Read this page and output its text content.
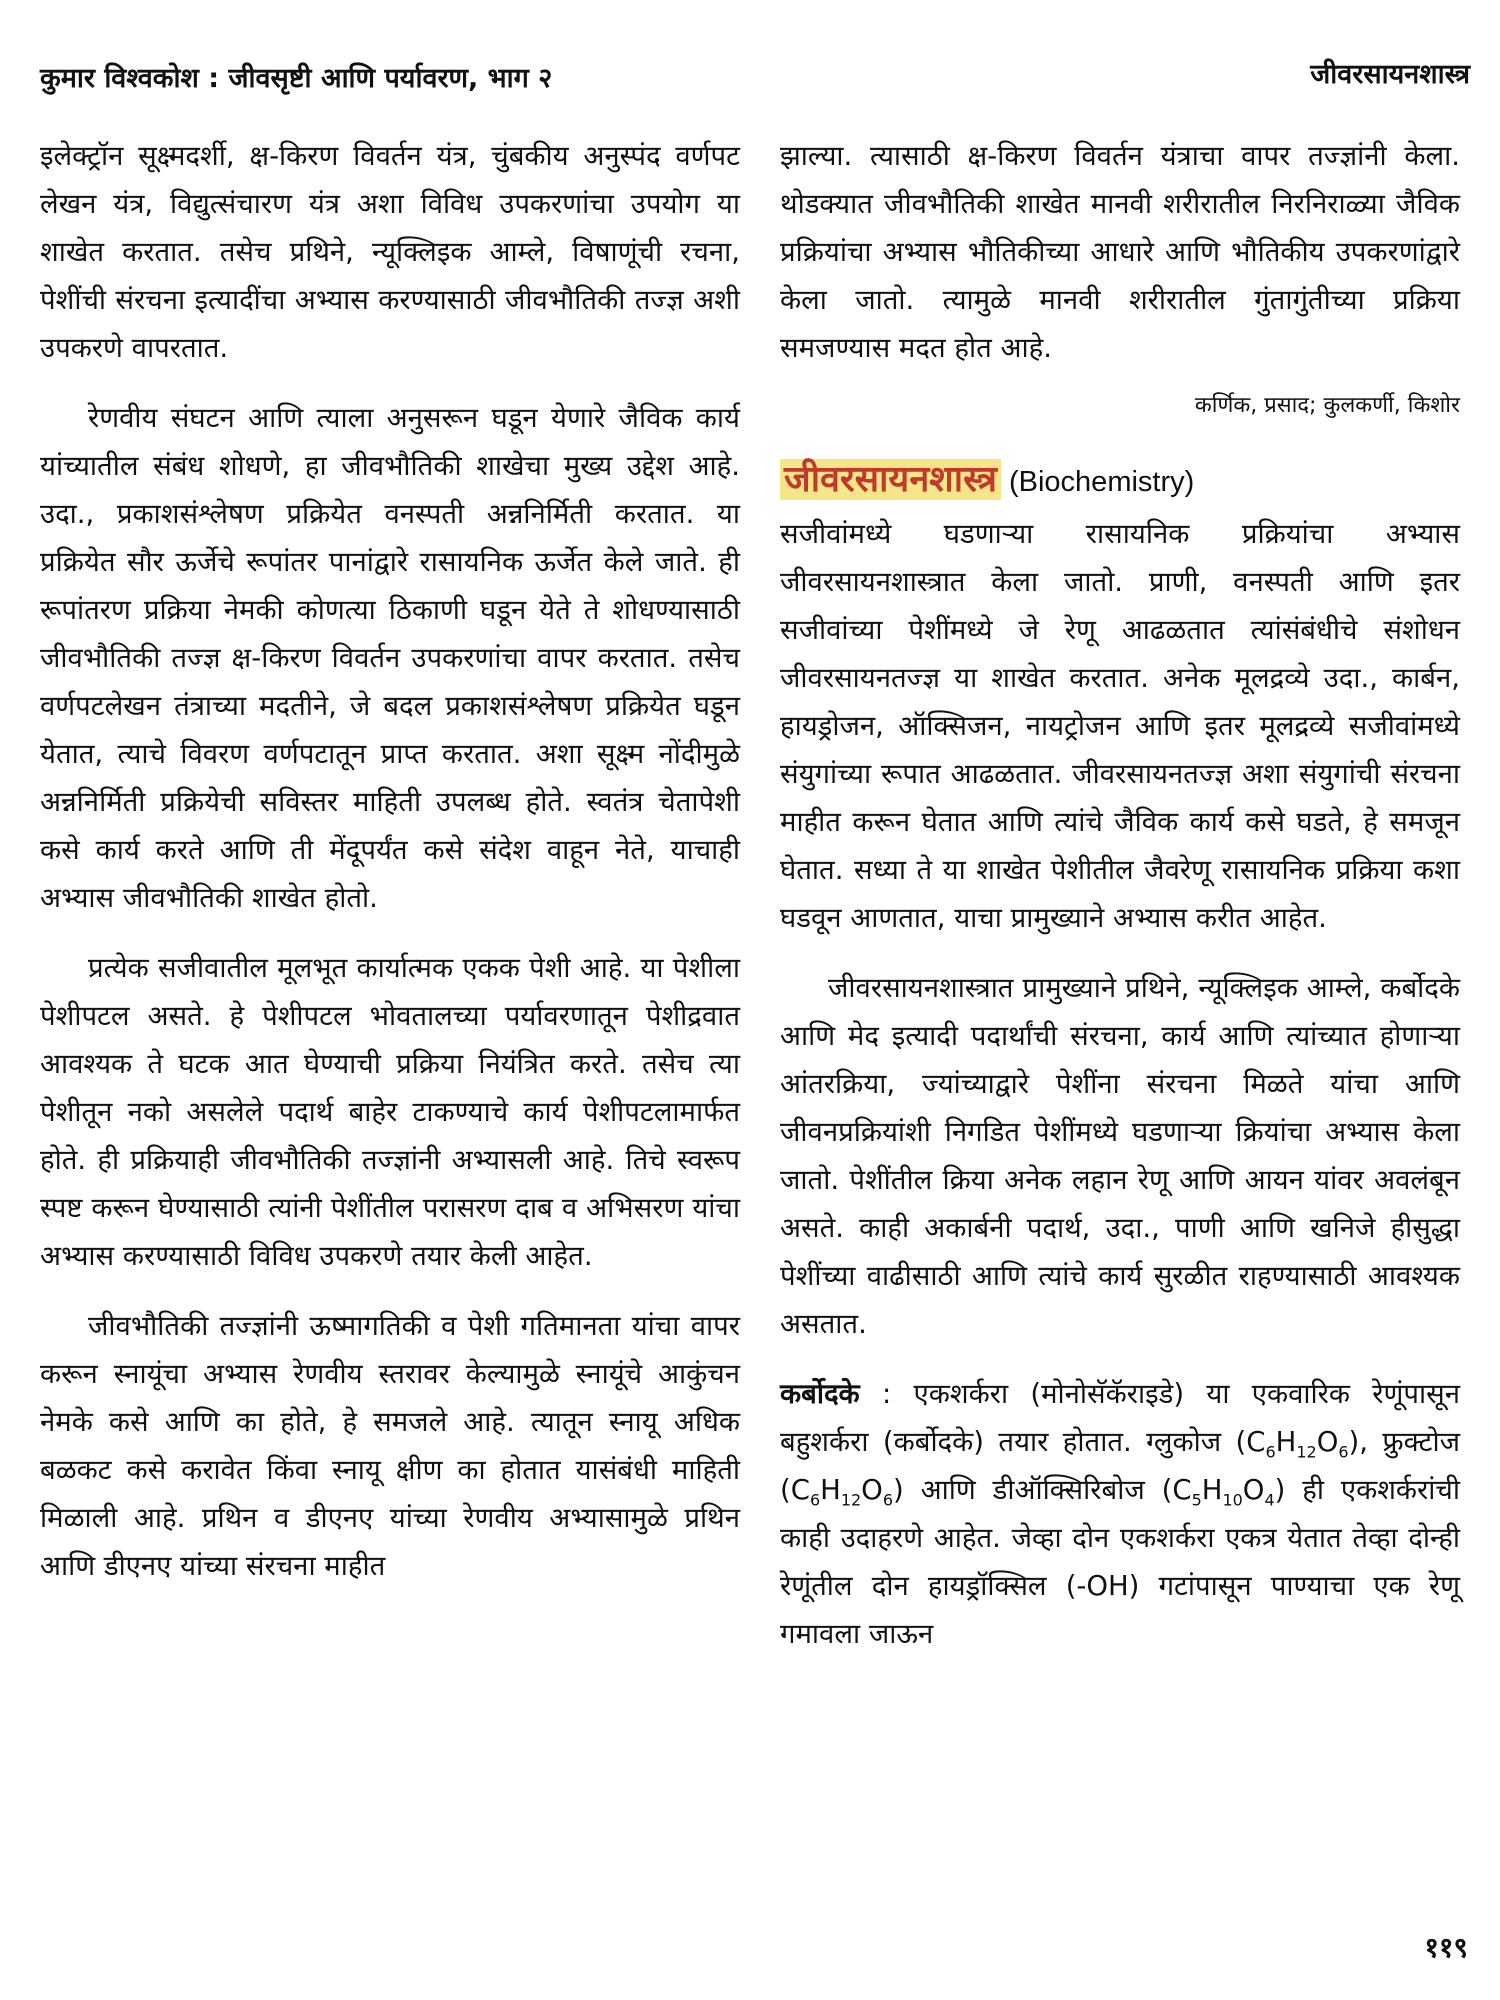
कुमार विश्वकोश : जीवसृष्टी आणि पर्यावरण, भाग २	जीवरसायनशास्त्र

इलेक्ट्रॉन सूक्ष्मदर्शी, क्ष-किरण विवर्तन यंत्र, चुंबकीय अनुस्पंद वर्णपट लेखन यंत्र, विद्युत्संचारण यंत्र अशा विविध उपकरणांचा उपयोग या शाखेत करतात. तसेच प्रथिने, न्यूक्लिइक आम्ले, विषाणूंची रचना, पेशींची संरचना इत्यादींचा अभ्यास करण्यासाठी जीवभौतिकी तज्ज्ञ अशी उपकरणे वापरतात.

रेणवीय संघटन आणि त्याला अनुसरून घडून येणारे जैविक कार्य यांच्यातील संबंध शोधणे, हा जीवभौतिकी शाखेचा मुख्य उद्देश आहे. उदा., प्रकाशसंश्लेषण प्रक्रियेत वनस्पती अन्ननिर्मिती करतात. या प्रक्रियेत सौर ऊर्जेचे रूपांतर पानांद्वारे रासायनिक ऊर्जेत केले जाते. ही रूपांतरण प्रक्रिया नेमकी कोणत्या ठिकाणी घडून येते ते शोधण्यासाठी जीवभौतिकी तज्ज्ञ क्ष-किरण विवर्तन उपकरणांचा वापर करतात. तसेच वर्णपटलेखन तंत्राच्या मदतीने, जे बदल प्रकाशसंश्लेषण प्रक्रियेत घडून येतात, त्याचे विवरण वर्णपटातून प्राप्त करतात. अशा सूक्ष्म नोंदीमुळे अन्ननिर्मिती प्रक्रियेची सविस्तर माहिती उपलब्ध होते. स्वतंत्र चेतापेशी कसे कार्य करते आणि ती मेंदूपर्यंत कसे संदेश वाहून नेते, याचाही अभ्यास जीवभौतिकी शाखेत होतो.

प्रत्येक सजीवातील मूलभूत कार्यात्मक एकक पेशी आहे. या पेशीला पेशीपटल असते. हे पेशीपटल भोवतालच्या पर्यावरणातून पेशीद्रवात आवश्यक ते घटक आत घेण्याची प्रक्रिया नियंत्रित करते. तसेच त्या पेशीतून नको असलेले पदार्थ बाहेर टाकण्याचे कार्य पेशीपटलामार्फत होते. ही प्रक्रियाही जीवभौतिकी तज्ज्ञांनी अभ्यासली आहे. तिचे स्वरूप स्पष्ट करून घेण्यासाठी त्यांनी पेशींतील परासरण दाब व अभिसरण यांचा अभ्यास करण्यासाठी विविध उपकरणे तयार केली आहेत.

जीवभौतिकी तज्ज्ञांनी ऊष्मागतिकी व पेशी गतिमानता यांचा वापर करून स्नायूंचा अभ्यास रेणवीय स्तरावर केल्यामुळे स्नायूंचे आकुंचन नेमके कसे आणि का होते, हे समजले आहे. त्यातून स्नायू अधिक बळकट कसे करावेत किंवा स्नायू क्षीण का होतात यासंबंधी माहिती मिळाली आहे. प्रथिन व डीएनए यांच्या रेणवीय अभ्यासामुळे प्रथिन आणि डीएनए यांच्या संरचना माहीत

झाल्या. त्यासाठी क्ष-किरण विवर्तन यंत्राचा वापर तज्ज्ञांनी केला. थोडक्यात जीवभौतिकी शाखेत मानवी शरीरातील निरनिराळ्या जैविक प्रक्रियांचा अभ्यास भौतिकीच्या आधारे आणि भौतिकीय उपकरणांद्वारे केला जातो. त्यामुळे मानवी शरीरातील गुंतागुंतीच्या प्रक्रिया समजण्यास मदत होत आहे.

कर्णिक, प्रसाद; कुलकर्णी, किशोर
जीवरसायनशास्त्र (Biochemistry)

सजीवांमध्ये घडणाऱ्या रासायनिक प्रक्रियांचा अभ्यास जीवरसायनशास्त्रात केला जातो. प्राणी, वनस्पती आणि इतर सजीवांच्या पेशींमध्ये जे रेणू आढळतात त्यांसंबंधीचे संशोधन जीवरसायनतज्ज्ञ या शाखेत करतात. अनेक मूलद्रव्ये उदा., कार्बन, हायड्रोजन, ऑक्सिजन, नायट्रोजन आणि इतर मूलद्रव्ये सजीवांमध्ये संयुगांच्या रूपात आढळतात. जीवरसायनतज्ज्ञ अशा संयुगांची संरचना माहीत करून घेतात आणि त्यांचे जैविक कार्य कसे घडते, हे समजून घेतात. सध्या ते या शाखेत पेशीतील जैवरेणू रासायनिक प्रक्रिया कशा घडवून आणतात, याचा प्रामुख्याने अभ्यास करीत आहेत.

जीवरसायनशास्त्रात प्रामुख्याने प्रथिने, न्यूक्लिइक आम्ले, कर्बोदके आणि मेद इत्यादी पदार्थांची संरचना, कार्य आणि त्यांच्यात होणाऱ्या आंतरक्रिया, ज्यांच्याद्वारे पेशींना संरचना मिळते यांचा आणि जीवनप्रक्रियांशी निगडित पेशींमध्ये घडणाऱ्या क्रियांचा अभ्यास केला जातो. पेशींतील क्रिया अनेक लहान रेणू आणि आयन यांवर अवलंबून असते. काही अकार्बनी पदार्थ, उदा., पाणी आणि खनिजे हीसुद्धा पेशींच्या वाढीसाठी आणि त्यांचे कार्य सुरळीत राहण्यासाठी आवश्यक असतात.

कर्बोदके : एकशर्करा (मोनोसॅकॅराइडे) या एकवारिक रेणूंपासून बहुशर्करा (कर्बोदके) तयार होतात. ग्लुकोज $(C_6H_{12}O_6)$, फ्रुक्टोज $(C_6H_{12}O_6)$ आणि डीऑक्सिरिबोज $(C_5H_{10}O_4)$ ही एकशर्करांची काही उदाहरणे आहेत. जेव्हा दोन एकशर्करा एकत्र येतात तेव्हा दोन्ही रेणूंतील दोन हायड्रॉक्सिल (-OH) गटांपासून पाण्याचा एक रेणू गमावला जाऊन

११९
